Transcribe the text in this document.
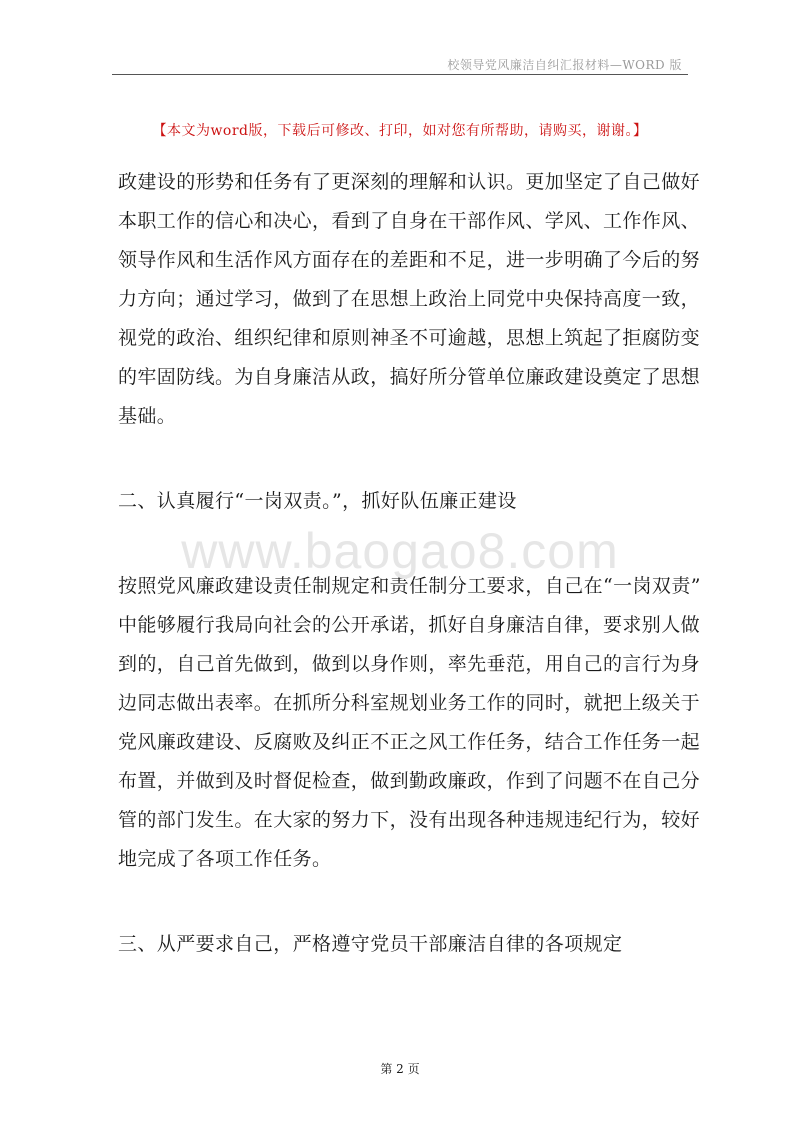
校领导党风廉洁自纠汇报材料—WORD 版
【本文为word版，下载后可修改、打印，如对您有所帮助，请购买，谢谢。】
政建设的形势和任务有了更深刻的理解和认识。更加坚定了自己做好
本职工作的信心和决心，看到了自身在干部作风、学风、工作作风、
领导作风和生活作风方面存在的差距和不足，进一步明确了今后的努
力方向；通过学习，做到了在思想上政治上同党中央保持高度一致，
视党的政治、组织纪律和原则神圣不可逾越，思想上筑起了拒腐防变
的牢固防线。为自身廉洁从政，搞好所分管单位廉政建设奠定了思想
基础。
二、认真履行“一岗双责。”，抓好队伍廉正建设
按照党风廉政建设责任制规定和责任制分工要求，自己在“一岗双责”
中能够履行我局向社会的公开承诺，抓好自身廉洁自律，要求别人做
到的，自己首先做到，做到以身作则，率先垂范，用自己的言行为身
边同志做出表率。在抓所分科室规划业务工作的同时，就把上级关于
党风廉政建设、反腐败及纠正不正之风工作任务，结合工作任务一起
布置，并做到及时督促检查，做到勤政廉政，作到了问题不在自己分
管的部门发生。在大家的努力下，没有出现各种违规违纪行为，较好
地完成了各项工作任务。
三、从严要求自己，严格遵守党员干部廉洁自律的各项规定
www.baogao8.com
第 2 页
